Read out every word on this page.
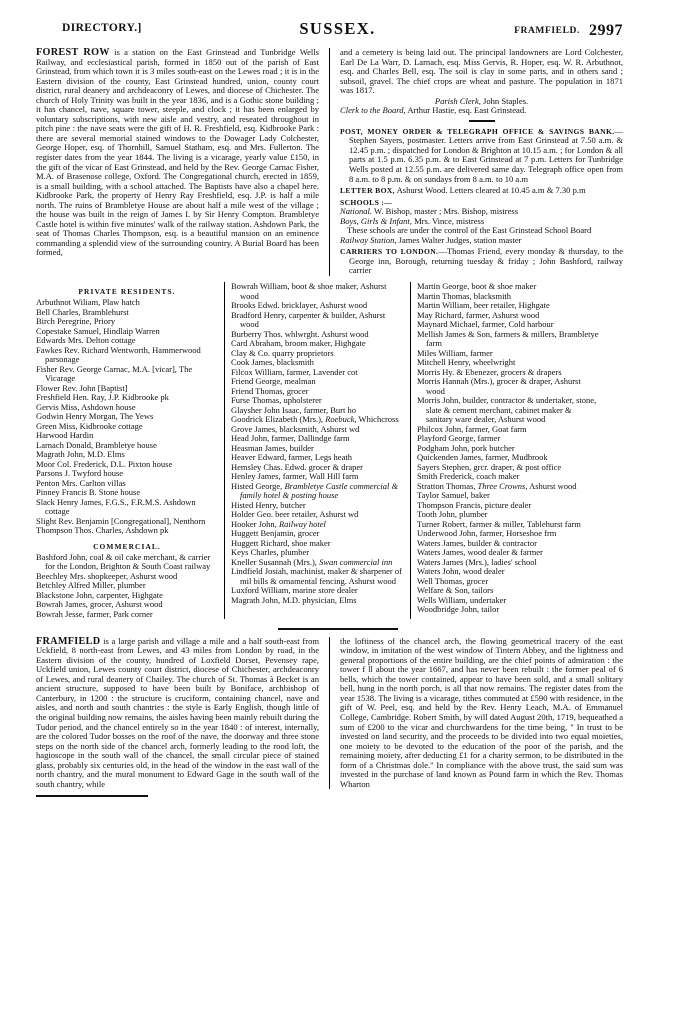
DIRECTORY.]	SUSSEX.	FRAMFIELD. 2997

FOREST ROW is a station on the East Grinstead and Tunbridge Wells Railway, and ecclesiastical parish, formed in 1850 out of the parish of East Grinstead, from which town it is 3 miles south-east on the Lewes road ; it is in the Eastern division of the county, East Grinstead hundred, union, county court district, rural deanery and archdeaconry of Lewes, and diocese of Chichester. The church of Holy Trinity was built in the year 1836, and is a Gothic stone building ; it has chancel, nave, square tower, steeple, and clock ; it has been enlarged by voluntary subscriptions, with new aisle and vestry, and reseated throughout in pitch pine : the nave seats were the gift of H. R. Freshfield, esq. Kidbrooke Park : there are several memorial stained windows to the Dowager Lady Colchester, George Hoper, esq. of Thornhill, Samuel Statham, esq. and Mrs. Fullerton. The register dates from the year 1844. The living is a vicarage, yearly value £150, in the gift of the vicar of East Grinstead, and held by the Rev. George Carnac Fisher, M.A. of Brasenose college, Oxford. The Congregational church, erected in 1859, is a small building, with a school attached. The Baptists have also a chapel here. Kidbrooke Park, the property of Henry Ray Freshfield, esq. J.P. is half a mile north. The ruins of Brambletye House are about half a mile west of the village ; the house was built in the reign of James I. by Sir Henry Compton. Brambletye Castle hotel is within five minutes' walk of the railway station. Ashdown Park, the seat of Thomas Charles Thompson, esq. is a beautiful mansion on an eminence commanding a splendid view of the surrounding country. A Burial Board has been formed,

and a cemetery is being laid out. The principal landowners are Lord Colchester, Earl De La Warr, D. Larnach, esq. Miss Gervis, R. Hoper, esq. W. R. Arbuthnot, esq. and Charles Bell, esq. The soil is clay in some parts, and in others sand ; subsoil, gravel. The chief crops are wheat and pasture. The population in 1871 was 1817.

Parish Clerk, John Staples.
Clerk to the Board, Arthur Hastie, esq. East Grinstead.
POST, MONEY ORDER & TELEGRAPH OFFICE & SAVINGS BANK.—Stephen Sayers, postmaster. Letters arrive from East Grinstead at 7.50 a.m. & 12.45 p.m. ; dispatched for London & Brighton at 10.15 a.m. ; for London & all parts at 1.5 p.m. 6.35 p.m. & to East Grinstead at 7 p.m. Letters for Tunbridge Wells posted at 12.55 p.m. are delivered same day. Telegraph office open from 8 a.m. to 8 p.m. & on sundays from 8 a.m. to 10 a.m
LETTER BOX, Ashurst Wood. Letters cleared at 10.45 a.m & 7.30 p.m
SCHOOLS :—
National. W. Bishop, master ; Mrs. Bishop, mistress
Boys, Girls & Infant, Mrs. Vince, mistress
These schools are under the control of the East Grinstead School Board
Railway Station, James Walter Judges, station master
CARRIERS TO LONDON.—Thomas Friend, every monday & thursday, to the George inn, Borough, returning tuesday & friday ; John Bashford, railway carrier
PRIVATE RESIDENTS.
Arbuthnot Wiliam, Plaw hatch
Bell Charles, Bramblehurst
Birch Peregrine, Priory
Copestake Samuel, Hindlaip Warren
Edwards Mrs. Delton cottage
Fawkes Rev. Richard Wentworth, Hammerwood parsonage
Fisher Rev. George Carnac, M.A. [vicar], The Vicarage
Flower Rev. John [Baptist]
Freshfield Hen. Ray, J.P. Kidbrooke pk
Gervis Miss, Ashdown house
Godwin Henry Morgan, The Yews
Green Miss, Kidbrooke cottage
Harwood Hardin
Larnach Donald, Brambletye house
Magrath John, M.D. Elms
Moor Col. Frederick, D.L. Pixton house
Parsons J. Twyford house
Penton Mrs. Carlton villas
Pinney Francis B. Stone house
Slack Henry James, F.G.S., F.R.M.S. Ashdown cottage
Slight Rev. Benjamin [Congregational], Nenthorn
Thompson Thos. Charles, Ashdown pk
COMMERCIAL.
Bashford John, coal & oil cake merchant, & carrier for the London, Brighton & South Coast railway
Beechley Mrs. shopkeeper, Ashurst wood
Betchley Alfred Miller, plumber
Blackstone John, carpenter, Highgate
Bowrah James, grocer, Ashurst wood
Bowrah Jesse, farmer, Park corner
Bowrah William, boot & shoe maker, Ashurst wood
Brooks Edwd. bricklayer, Ashurst wood
Bradford Henry, carpenter & builder, Ashurst wood
Burberry Thos. whlwrght. Ashurst wood
Card Abraham, broom maker, Highgate
Clay & Co. quarry proprietors
Cook James, blacksmith
Filcox William, farmer, Lavender cot
Friend George, mealman
Friend Thomas, grocer
Furse Thomas, upholsterer
Glaysher John Isaac, farmer, Burt ho
Goodrick Elizabeth (Mrs.), Roebuck, Whichcross
Grove James, blacksmith, Ashurst wd
Head John, farmer, Dallindge farm
Heasman James, builder
Heaver Edward, farmer, Legs heath
Hemsley Chas. Edwd. grocer & draper
Henley James, farmer, Wall Hill farm
Histed George, Brambletye Castle commercial & family hotel & posting house
Histed Henry, butcher
Holder Geo. beer retailer, Ashurst wd
Hooker John, Railway hotel
Huggett Benjamin, grocer
Huggett Richard, shoe maker
Keys Charles, plumber
Kneller Susannah (Mrs.), Swan commercial inn
Lindfield Josiah, machinist, maker & sharpener of mil bills & ornamental fencing. Ashurst wood
Luxford William, marine store dealer
Magrath John, M.D. physician, Elms
Martin George, boot & shoe maker
Martin Thomas, blacksmith
Martin William, beer retailer, Highgate
May Richard, farmer, Ashurst wood
Maynard Michael, farmer, Cold harbour
Mellish James & Son, farmers & millers, Brambletye farm
Miles William, farmer
Mitchell Henry, wheelwright
Morris Hy. & Ebenezer, grocers & drapers
Morris Hannah (Mrs.), grocer & draper, Ashurst wood
Morris John, builder, contractor & undertaker, stone, slate & cement merchant, cabinet maker & sanitary ware dealer, Ashurst wood
Philcox John, farmer, Goat farm
Playford George, farmer
Podgham John, pork butcher
Quickenden James, farmer, Mudbrook
Sayers Stephen, grcr. draper, & post office
Smith Frederick, coach maker
Stratton Thomas, Three Crowns, Ashurst wood
Taylor Samuel, baker
Thompson Francis, picture dealer
Tooth John, plumber
Turner Robert, farmer & miller, Tablehurst farm
Underwood John, farmer, Horseshoe frm
Waters James, builder & contractor
Waters James, wood dealer & farmer
Waters James (Mrs.), ladies' school
Waters John, wood dealer
Well Thomas, grocer
Welfare & Son, tailors
Wells William, undertaker
Woodbridge John, tailor

FRAMFIELD is a large parish and village a mile and a half south-east from Uckfield, 8 north-east from Lewes, and 43 miles from London by road, in the Eastern division of the county, hundred of Loxfield Dorset, Pevensey rape, Uckfield union, Lewes county court district, diocese of Chichester, archdeaconry of Lewes, and rural deanery of Chailey. The church of St. Thomas à Becket is an ancient structure, supposed to have been built by Boniface, archbishop of Canterbury, in 1200 : the structure is cruciform, containing chancel, nave and aisles, and north and south chantries : the style is Early English, though little of the original building now remains, the aisles having been mainly rebuilt during the Tudor period, and the chancel entirely so in the year 1840 : of interest, internally, are the colored Tudor bosses on the roof of the nave, the doorway and three stone steps on the north side of the chancel arch, formerly leading to the rood loft, the hagioscope in the south wall of the chancel, the small circular piece of stained glass, probably six centuries old, in the head of the window in the east wall of the north chantry, and the mural monument to Edward Gage in the south wall of the south chantry, while

the loftiness of the chancel arch, the flowing geometrical tracery of the east window, in imitation of the west window of Tintern Abbey, and the lightness and general proportions of the entire building, are the chief points of admiration : the tower f ll about the year 1667, and has never been rebuilt : the former peal of 6 bells, which the tower contained, appear to have been sold, and a small solitary bell, hung in the north porch, is all that now remains. The register dates from the year 1538. The living is a vicarage, tithes commuted at £590 with residence, in the gift of W. Peel, esq. and held by the Rev. Henry Leach, M.A. of Emmanuel College, Cambridge. Robert Smith, by will dated August 20th, 1719, bequeathed a sum of £200 to the vicar and churchwardens for the time being, " In trust to be invested on land security, and the proceeds to be divided into two equal moieties, one moiety to be devoted to the education of the poor of the parish, and the remaining moiety, after deducting £1 for a charity sermon, to be distributed in the form of a Christmas dole." In compliance with the above trust, the said sum was invested in the purchase of land known as Pound farm in which the Rev. Thomas Wharton
